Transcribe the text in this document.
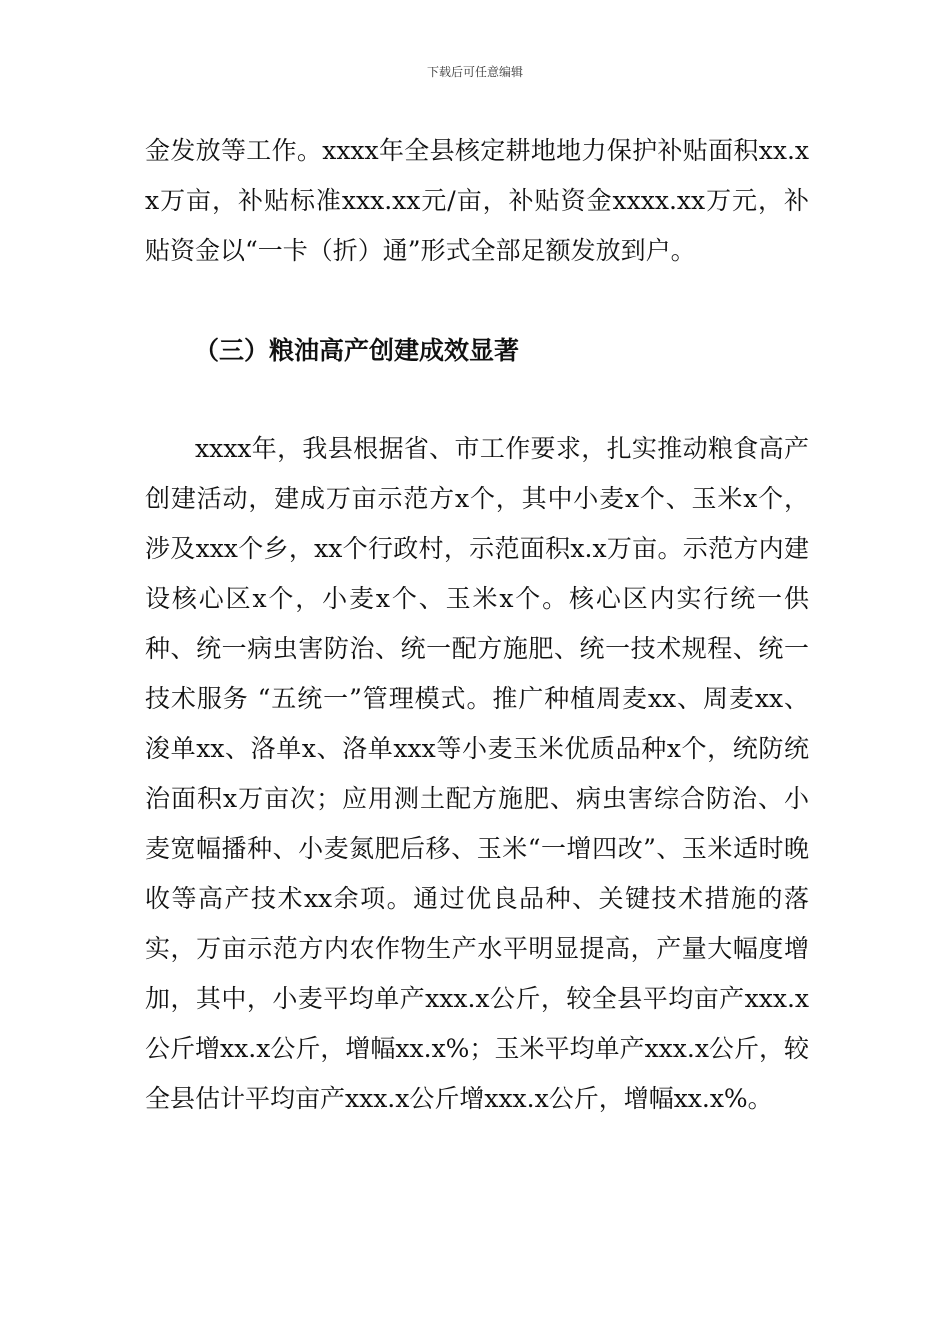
下载后可任意编辑

金发放等工作。xxxx年全县核定耕地地力保护补贴面积xx.xx万亩，补贴标准xxx.xx元/亩，补贴资金xxxx.xx万元，补贴资金以“一卡（折）通”形式全部足额发放到户。

（三）粮油高产创建成效显著

xxxx年，我县根据省、市工作要求，扎实推动粮食高产创建活动，建成万亩示范方x个，其中小麦x个、玉米x个，涉及xxx个乡，xx个行政村，示范面积x.x万亩。示范方内建设核心区x个，小麦x个、玉米x个。核心区内实行统一供种、统一病虫害防治、统一配方施肥、统一技术规程、统一技术服务 “五统一”管理模式。推广种植周麦xx、周麦xx、浚单xx、洛单x、洛单xxx等小麦玉米优质品种x个，统防统治面积x万亩次；应用测土配方施肥、病虫害综合防治、小麦宽幅播种、小麦氮肥后移、玉米“一增四改”、玉米适时晚收等高产技术xx余项。通过优良品种、关键技术措施的落实，万亩示范方内农作物生产水平明显提高，产量大幅度增加，其中，小麦平均单产xxx.x公斤，较全县平均亩产xxx.x公斤增xx.x公斤，增幅xx.x%；玉米平均单产xxx.x公斤，较全县估计平均亩产xxx.x公斤增xxx.x公斤，增幅xx.x%。
